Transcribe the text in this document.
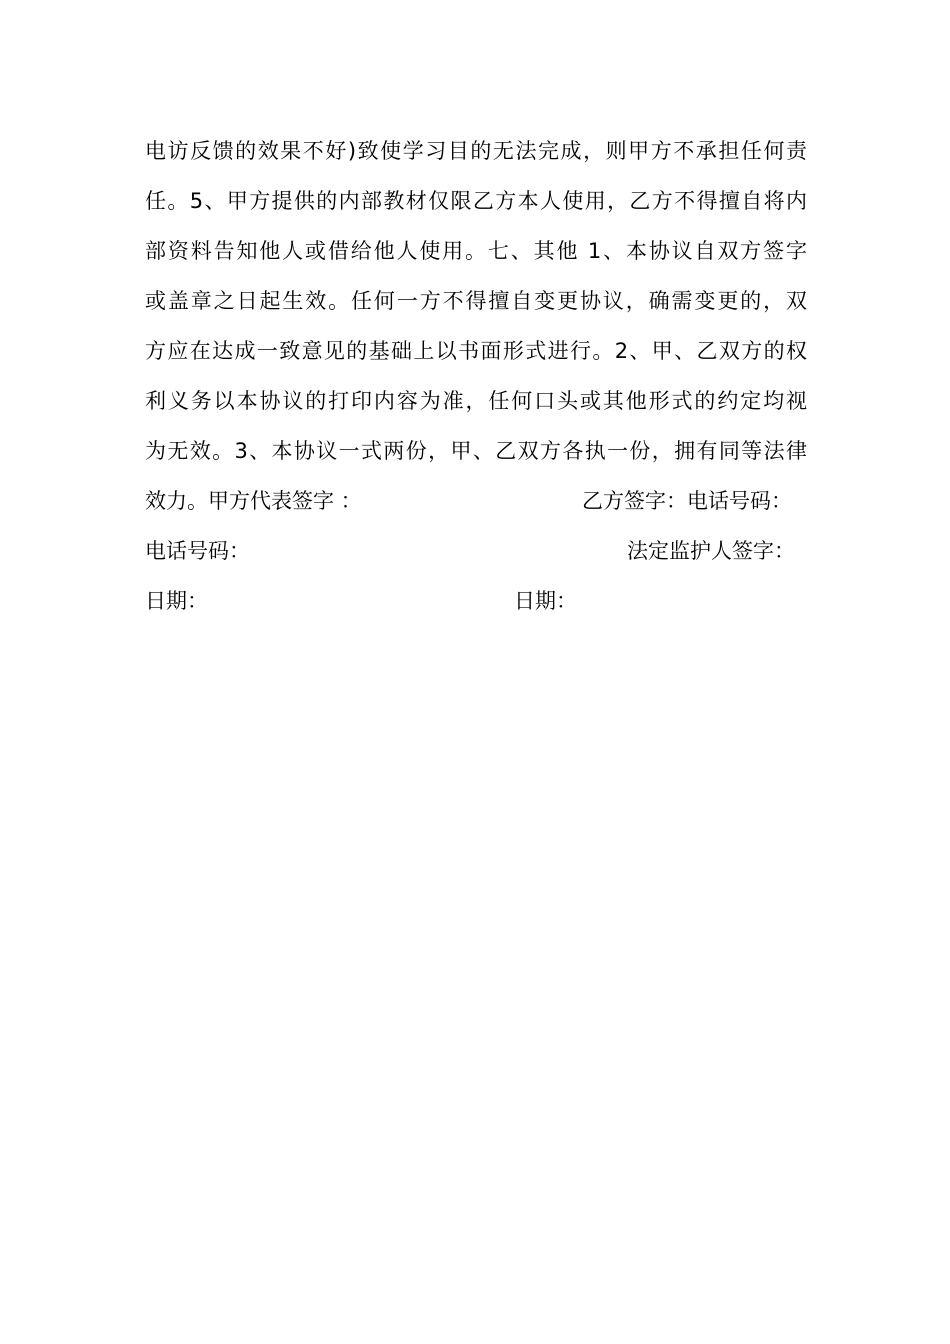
电访反馈的效果不好)致使学习目的无法完成，则甲方不承担任何责
任。5、甲方提供的内部教材仅限乙方本人使用，乙方不得擅自将内
部资料告知他人或借给他人使用。七、其他 1、本协议自双方签字
或盖章之日起生效。任何一方不得擅自变更协议，确需变更的，双
方应在达成一致意见的基础上以书面形式进行。2、甲、乙双方的权
利义务以本协议的打印内容为准，任何口头或其他形式的约定均视
为无效。3、本协议一式两份，甲、乙双方各执一份，拥有同等法律
效力。甲方代表签字 ：	乙方签字：电话号码：
电话号码：	法定监护人签字：
日期：	日期：
